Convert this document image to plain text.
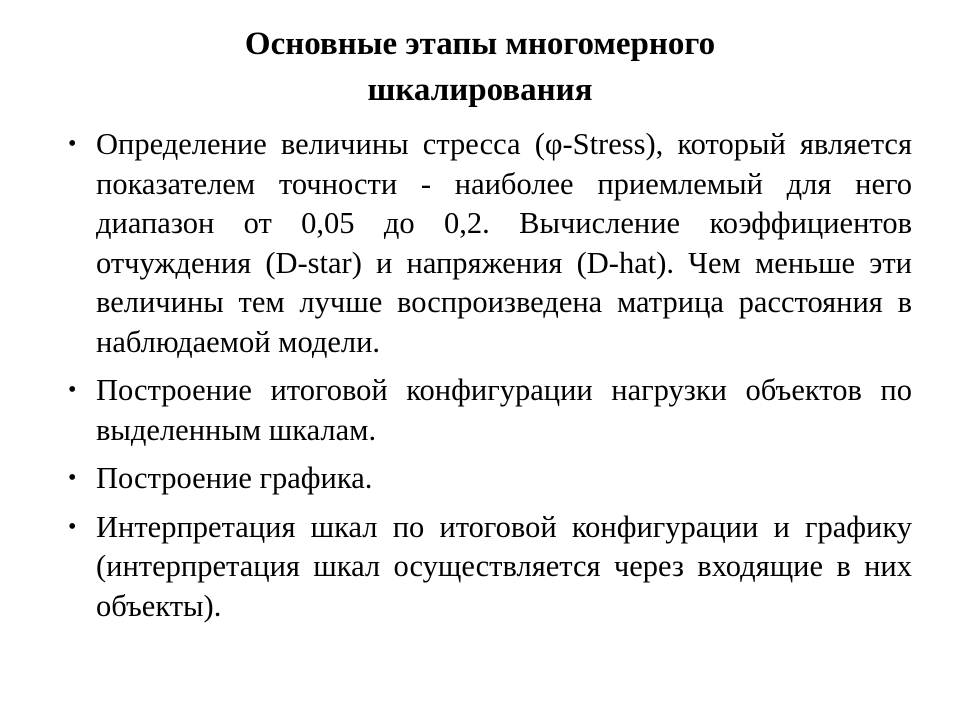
Основные этапы многомерного
шкалирования
• Определение величины стресса (φ-Stress), который является показателем точности - наиболее приемлемый для него диапазон от 0,05 до 0,2. Вычисление коэффициентов отчуждения (D-star) и напряжения (D-hat). Чем меньше эти величины тем лучше воспроизведена матрица расстояния в наблюдаемой модели.
• Построение итоговой конфигурации нагрузки объектов по выделенным шкалам.
• Построение графика.
• Интерпретация шкал по итоговой конфигурации и графику (интерпретация шкал осуществляется через входящие в них объекты).
